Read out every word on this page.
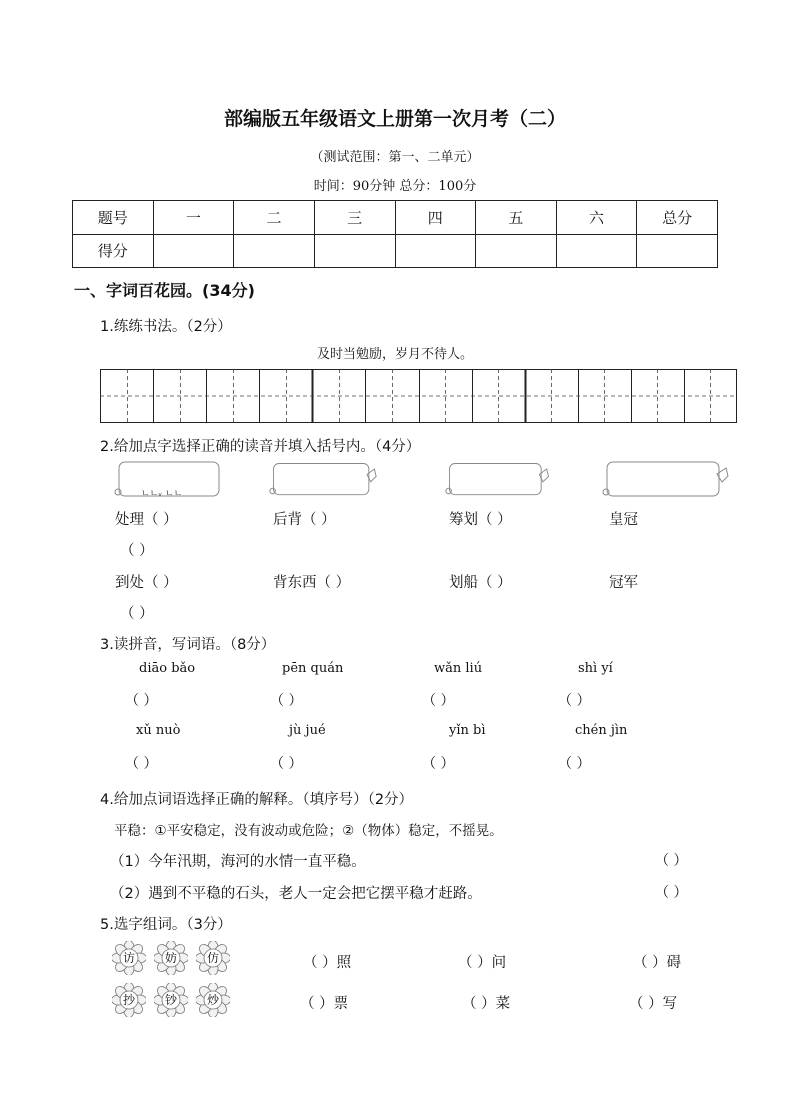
部编版五年级语文上册第一次月考（二）
（测试范围：第一、二单元）
时间：90分钟 总分：100分
题号	一	二	三	四	五	六	总分
得分							
一、字词百花园。(34分)
1.练练书法。（2分）
及时当勉励，岁月不待人。
2.给加点字选择正确的读音并填入括号内。（4分）
ㄴㄴᵥ ㄴㄴ
处理（ ）	后背（ ）	筹划（ ）	皇冠
（ ）
到处（ ）	背东西（ ）	划船（ ）	冠军
（ ）
3.读拼音，写词语。（8分）
diāo bǎo	pēn quán	wǎn liú	shì yí
（ ）	（ ）	（ ）	（ ）
xǔ nuò	jù jué	yǐn bì	chén jìn
（ ）	（ ）	（ ）	（ ）
4.给加点词语选择正确的解释。（填序号）（2分）
平稳：①平安稳定，没有波动或危险；②（物体）稳定，不摇晃。
（1）今年汛期，海河的水情一直平稳。	（ ）
（2）遇到不平稳的石头，老人一定会把它摆平稳才赶路。	（ ）
5.选字组词。（3分）
访	妨	仿
抄	钞	炒
（ ）照	（ ）问	（ ）碍
（ ）票	（ ）菜	（ ）写
